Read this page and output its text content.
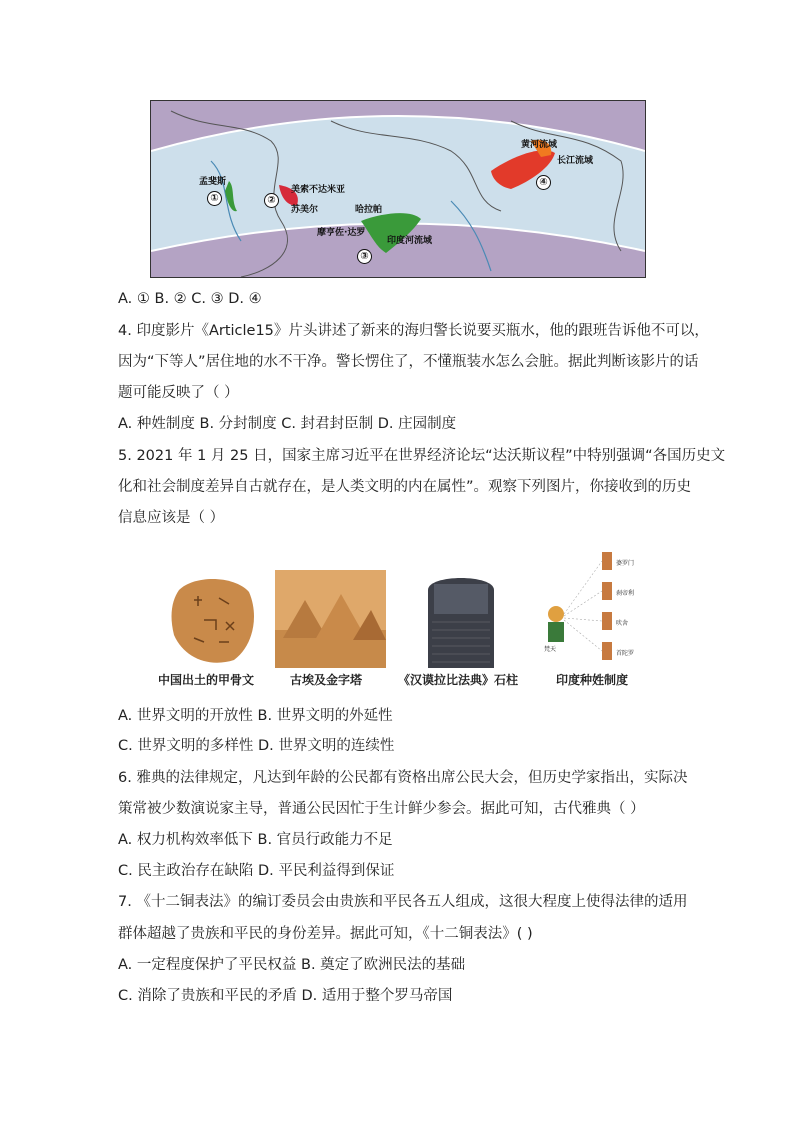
孟斐斯
美索不达米亚
苏美尔	哈拉帕
摩亨佐·达罗
印度河流域
黄河流域
长江流域
①	②
③
④
A. ① B. ② C. ③ D. ④
4. 印度影片《Article15》片头讲述了新来的海归警长说要买瓶水，他的跟班告诉他不可以，
因为“下等人”居住地的水不干净。警长愣住了，不懂瓶装水怎么会脏。据此判断该影片的话
题可能反映了（ ）
A. 种姓制度 B. 分封制度 C. 封君封臣制 D. 庄园制度
5. 2021 年 1 月 25 日，国家主席习近平在世界经济论坛“达沃斯议程”中特别强调“各国历史文
化和社会制度差异自古就存在，是人类文明的内在属性”。观察下列图片，你接收到的历史
信息应该是（ ）
婆罗门
刹帝利
吠舍
首陀罗
梵天
中国出土的甲骨文	古埃及金字塔	《汉谟拉比法典》石柱	印度种姓制度
A. 世界文明的开放性 B. 世界文明的外延性
C. 世界文明的多样性 D. 世界文明的连续性
6. 雅典的法律规定，凡达到年龄的公民都有资格出席公民大会，但历史学家指出，实际决
策常被少数演说家主导，普通公民因忙于生计鲜少参会。据此可知，古代雅典（ ）
A. 权力机构效率低下 B. 官员行政能力不足
C. 民主政治存在缺陷 D. 平民利益得到保证
7. 《十二铜表法》的编订委员会由贵族和平民各五人组成，这很大程度上使得法律的适用
群体超越了贵族和平民的身份差异。据此可知，《十二铜表法》( )
A. 一定程度保护了平民权益 B. 奠定了欧洲民法的基础
C. 消除了贵族和平民的矛盾 D. 适用于整个罗马帝国
